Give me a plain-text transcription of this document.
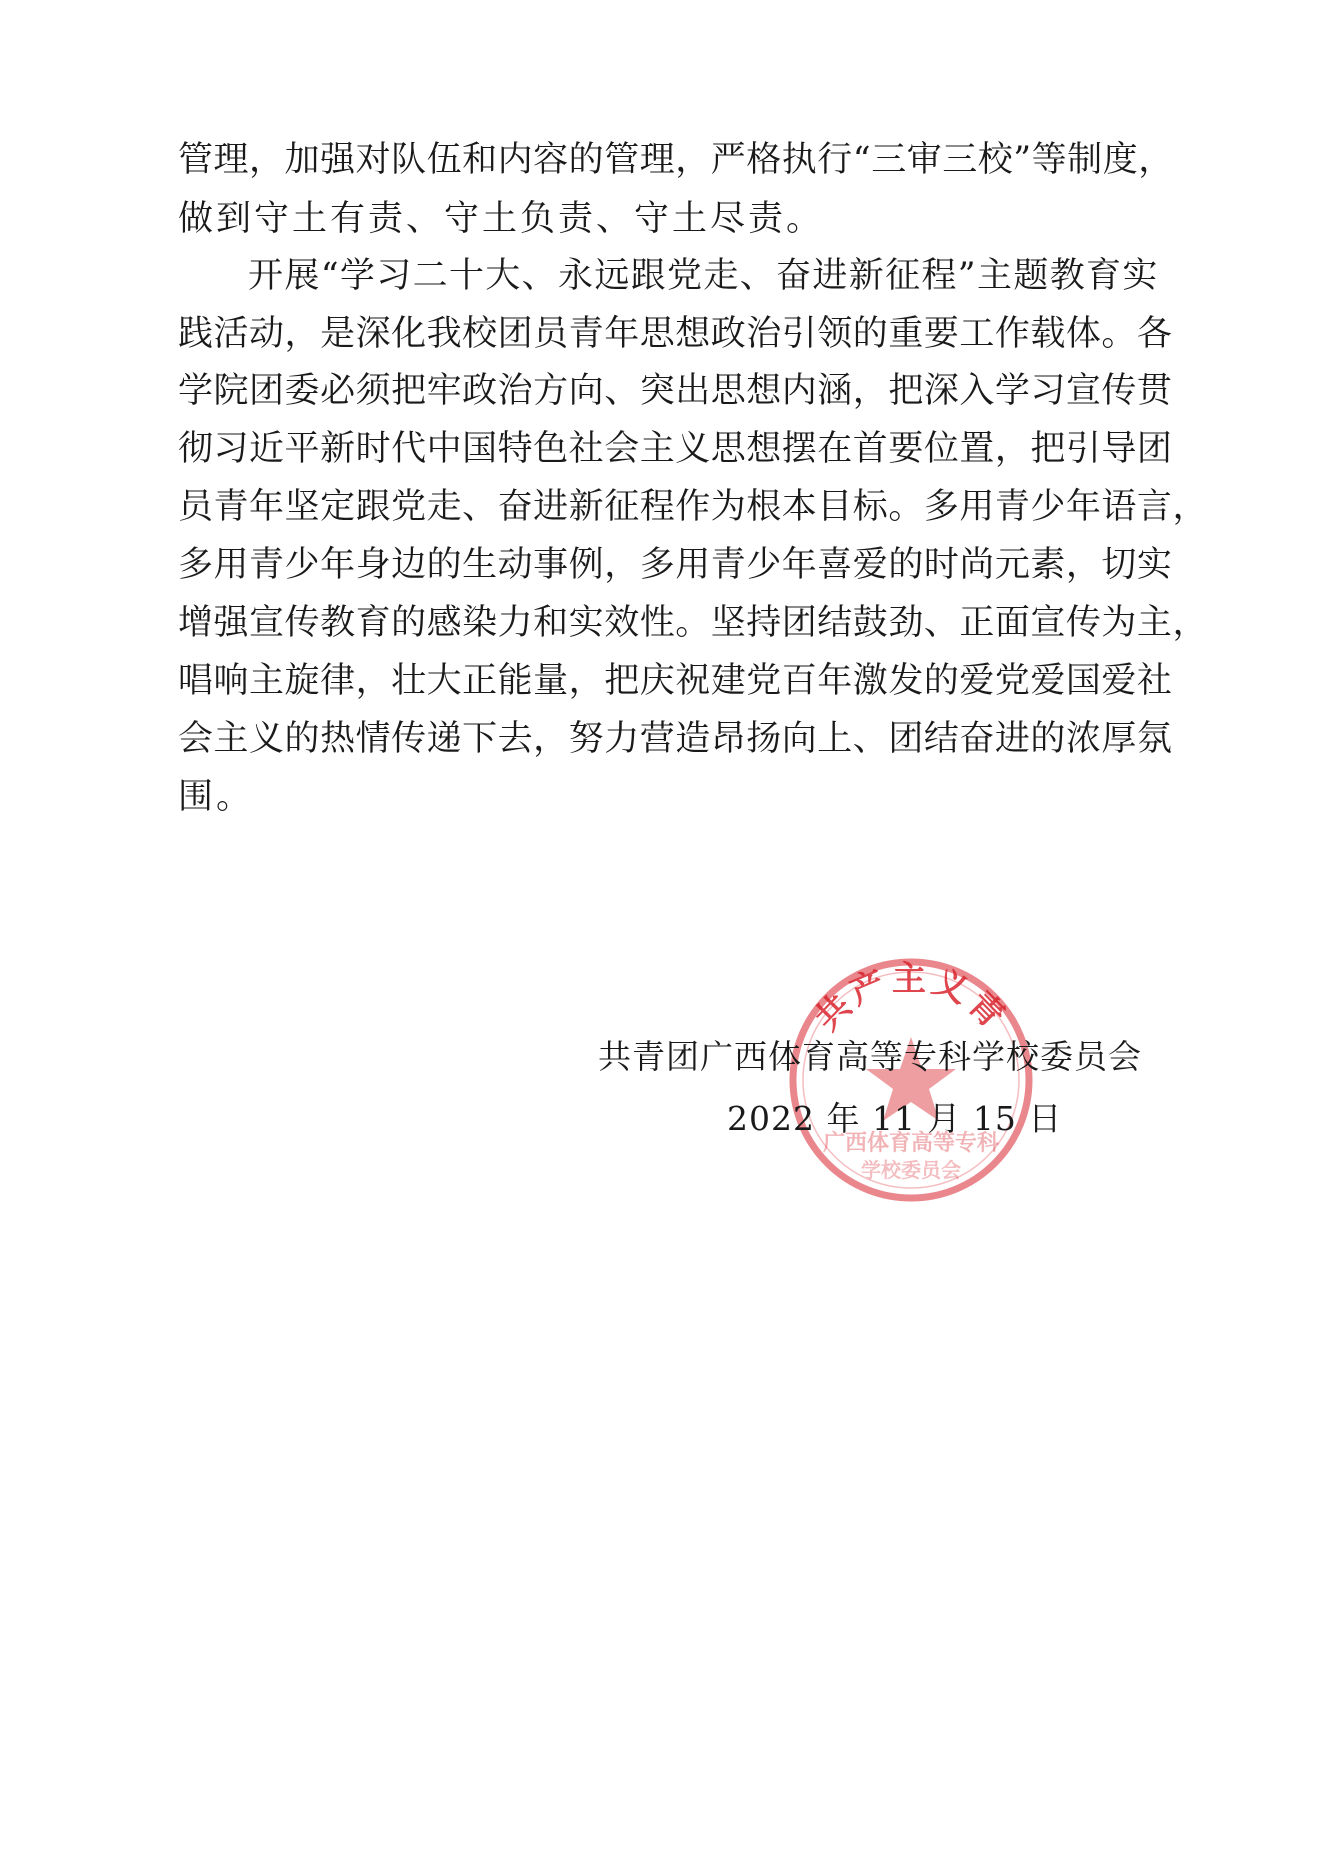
管 理 ， 加 强 对 队 伍 和 内 容 的 管 理 ， 严 格 执 行 “ 三 审 三 校 ” 等 制 度 ，
做到守土有责、守土负责、守土尽责。
开 展 “ 学 习 二 十 大 、 永 远 跟 党 走 、 奋 进 新 征 程 ” 主 题 教 育 实
践 活 动 ， 是 深 化 我 校 团 员 青 年 思 想 政 治 引 领 的 重 要 工 作 载 体 。 各
学 院 团 委 必 须 把 牢 政 治 方 向 、 突 出 思 想 内 涵 ， 把 深 入 学 习 宣 传 贯
彻 习 近 平 新 时 代 中 国 特 色 社 会 主 义 思 想 摆 在 首 要 位 置 ， 把 引 导 团
员 青 年 坚 定 跟 党 走 、 奋 进 新 征 程 作 为 根 本 目 标 。 多 用 青 少 年 语 言 ，
多 用 青 少 年 身 边 的 生 动 事 例 ， 多 用 青 少 年 喜 爱 的 时 尚 元 素 ， 切 实
增 强 宣 传 教 育 的 感 染 力 和 实 效 性 。 坚 持 团 结 鼓 劲 、 正 面 宣 传 为 主 ，
唱 响 主 旋 律 ， 壮 大 正 能 量 ， 把 庆 祝 建 党 百 年 激 发 的 爱 党 爱 国 爱 社
会 主 义 的 热 情 传 递 下 去 ， 努 力 营 造 昂 扬 向 上 、 团 结 奋 进 的 浓 厚 氛
围。
共产主义青
广西体育高等专科
学校委员会
共青团广西体育高等专科学校委员会
2022 年 11 月 15 日
